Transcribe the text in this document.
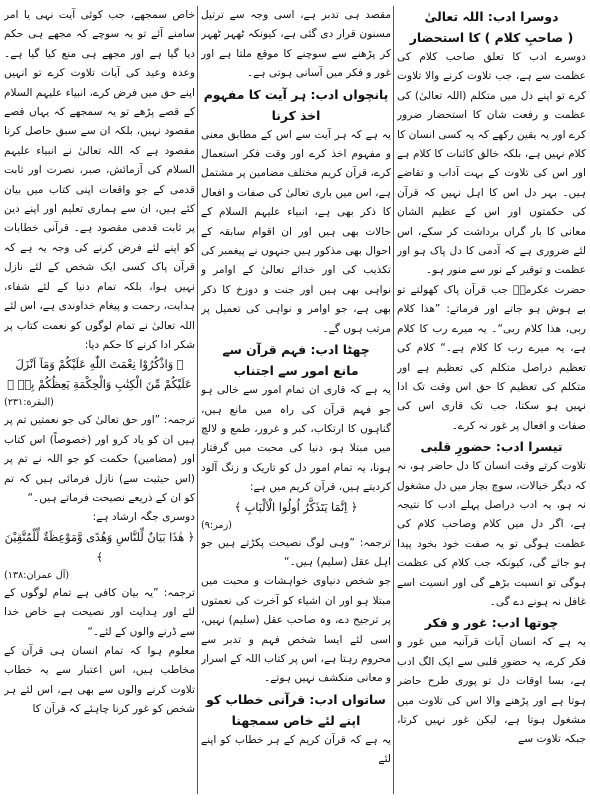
دوسرا ادب: اللہ تعالیٰ

( صاحبِ کلام ) کا استحضار

دوسرے ادب کا تعلق صاحب کلام کی عظمت سے ہے، جب تلاوت کرنے والا تلاوت کرے تو اپنے دل میں متکلم (اللہ تعالیٰ) کی عظمت و رفعت شان کا استحضار ضرور کرے اور یہ یقین رکھے کہ یہ کسی انسان کا کلام نہیں ہے، بلکہ خالق کائنات کا کلام ہے اور اس کی تلاوت کے بہت آداب و تقاضے ہیں۔ بہر دل اس کا اہل نہیں کہ قرآن کی حکمتوں اور اس کے عظیم الشان معانی کا بار گراں برداشت کر سکے، اس لئے ضروری ہے کہ آدمی کا دل پاک ہو اور عظمت و توقیر کے نور سے منور ہو۔

حضرت عکرمہؓ جب قرآن پاک کھولتے تو بے ہوش ہو جاتے اور فرماتے: ”ھذا کلام ربی، ھذا کلام ربی“۔ یہ میرے رب کا کلام ہے، یہ میرے رب کا کلام ہے۔“ کلام کی تعظیم دراصل متکلم کی تعظیم ہے اور متکلم کی تعظیم کا حق اس وقت تک ادا نہیں ہو سکتا، جب تک قاری اس کی صفات و افعال پر غور نہ کرے۔

تیسرا ادب: حضورِ قلبی

تلاوت کرتے وقت انسان کا دل حاضر ہو، نہ کہ دیگر خیالات، سوچ بچار میں دل مشغول نہ ہو، یہ ادب دراصل پہلے ادب کا نتیجہ ہے، اگر دل میں کلام وصاحب کلام کی عظمت ہوگی تو یہ صفت خود بخود پیدا ہو جائے گی، کیونکہ جب کلام کی عظمت ہوگی تو انسیت بڑھے گی اور انسیت اسے غافل نہ ہونے دے گی۔

چوتھا ادب: غور و فکر

یہ ہے کہ انسان آیات قرآنیہ میں غور و فکر کرے، یہ حضورِ قلبی سے ایک الگ ادب ہے، بسا اوقات دل تو پوری طرح حاضر ہوتا ہے اور پڑھنے والا اس کی تلاوت میں مشغول ہوتا ہے، لیکن غور نہیں کرتا، جبکہ تلاوت سے

مقصد ہی تدبر ہے، اسی وجہ سے ترتیل مسنون قرار دی گئی ہے، کیونکہ ٹھہر ٹھہر کر پڑھنے سے سوچنے کا موقع ملتا ہے اور غور و فکر میں آسانی ہوتی ہے۔

پانچواں ادب: ہر آیت کا مفہوم اخذ کرنا

یہ ہے کہ ہر آیت سے اس کے مطابق معنی و مفہوم اخذ کرے اور وقت فکر استعمال کرے، قرآن کریم مختلف مضامین پر مشتمل ہے، اس میں باری تعالیٰ کی صفات و افعال کا ذکر بھی ہے، انبیاء علیہم السلام کے حالات بھی ہیں اور ان اقوام سابقہ کے احوال بھی مذکور ہیں جنہوں نے پیغمبر کی تکذیب کی اور خدائے تعالیٰ کے اوامر و نواہی بھی ہیں اور جنت و دوزخ کا ذکر بھی ہے، جو اوامر و نواہی کی تعمیل پر مرتب ہوں گے۔

چھٹا ادب: فہم قرآن سے

مانع امور سے اجتناب

یہ ہے کہ قاری ان تمام امور سے خالی ہو جو فہم قرآن کی راہ میں مانع ہیں، گناہوں کا ارتکاب، کبر و غرور، طمع و لالچ میں مبتلا ہو، دنیا کی محبت میں گرفتار ہونا، یہ تمام امور دل کو تاریک و زنگ آلود کردیتے ہیں، قرآن کریم میں ہے:

﴿ اِنَّمَا یَتَذَکَّرُ اُولُوا الْاَلْبَابِ ﴾

(زمر:۹)

ترجمہ: ”وہی لوگ نصیحت پکڑتے ہیں جو اہل عقل (سلیم) ہیں۔“

جو شخص دنیاوی خواہشات و محبت میں مبتلا ہو اور ان اشیاء کو آخرت کی نعمتوں پر ترجیح دے، وہ صاحب عقل (سلیم) نہیں، اسی لئے ایسا شخص فہم و تدبر سے محروم رہتا ہے، اس پر کتاب اللہ کے اسرار و معانی منکشف نہیں ہوتے۔

ساتواں ادب: قرآنی خطاب کو

اپنے لئے خاص سمجھنا

یہ ہے کہ قرآن کریم کے ہر خطاب کو اپنے لئے

خاص سمجھے، جب کوئی آیت نہی یا امر سامنے آئے تو یہ سوچے کہ مجھے ہی حکم دیا گیا ہے اور مجھے ہی منع کیا گیا ہے۔ وعدہ وعید کی آیات تلاوت کرے تو انہیں اپنے حق میں فرض کرے، انبیاء علیہم السلام کے قصے پڑھے تو یہ سمجھے کہ یہاں قصے مقصود نہیں، بلکہ ان سے سبق حاصل کرنا مقصود ہے کہ اللہ تعالیٰ نے انبیاء علیہم السلام کی آزمائش، صبر، نصرت اور ثابت قدمی کے جو واقعات اپنی کتاب میں بیان کئے ہیں، ان سے ہماری تعلیم اور اپنے دین پر ثابت قدمی مقصود ہے۔ قرآنی خطابات کو اپنے لئے فرض کرنے کی وجہ یہ ہے کہ قرآن پاک کسی ایک شخص کے لئے نازل نہیں ہوا، بلکہ تمام دنیا کے لئے شفاء، ہدایت، رحمت و پیغام خداوندی ہے، اس لئے اللہ تعالیٰ نے تمام لوگوں کو نعمت کتاب پر شکر ادا کرنے کا حکم دیا:

﴿ وَاذْکُرُوْا نِعْمَتَ اللّٰهِ عَلَیْکُمْ وَمَآ اَنْزَلَ عَلَیْکُمْ مِّنَ الْکِتٰبِ وَالْحِکْمَةِ یَعِظُکُمْ بِهٖ ﴾

(البقرة:۲۳۱)

ترجمہ: ”اور حق تعالیٰ کی جو نعمتیں تم پر ہیں ان کو یاد کرو اور (خصوصاً) اس کتاب اور (مضامین) حکمت کو جو اللہ نے تم پر (اس حیثیت سے) نازل فرمائی ہیں کہ تم کو ان کے ذریعے نصیحت فرماتے ہیں۔“

دوسری جگہ ارشاد ہے:

﴿ هٰذَا بَیَانٌ لِّلنَّاسِ وَهُدًی وَّمَوْعِظَةٌ لِّلْمُتَّقِیْنَ ﴾

(آل عمران:۱۳۸)

ترجمہ: ”یہ بیان کافی ہے تمام لوگوں کے لئے اور ہدایت اور نصیحت ہے خاص خدا سے ڈرنے والوں کے لئے۔“

معلوم ہوا کہ تمام انسان ہی قرآن کے مخاطب ہیں، اس اعتبار سے یہ خطاب تلاوت کرنے والوں سے بھی ہے، اس لئے ہر شخص کو غور کرنا چاہئے کہ قرآن کا
